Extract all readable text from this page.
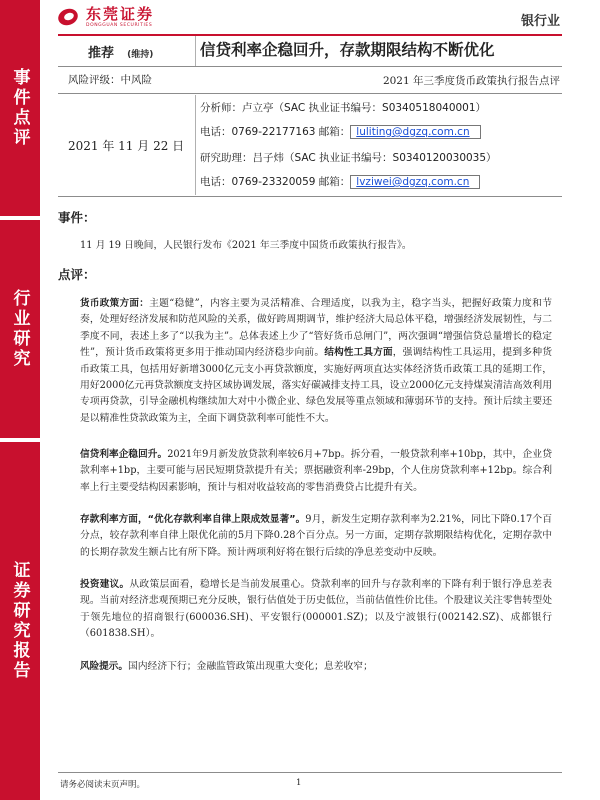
东莞证券
DONGGUAN SECURITIES	银行业
事件点评
行业研究
证券研究报告
推荐 (维持)	信贷利率企稳回升，存款期限结构不断优化
风险评级：中风险	2021 年三季度货币政策执行报告点评
2021 年 11 月 22 日
分析师：卢立亭（SAC 执业证书编号：S0340518040001）
电话：0769-22177163 邮箱： luliting@dgzq.com.cn
研究助理：吕子炜（SAC 执业证书编号：S0340120030035）
电话：0769-23320059 邮箱： lvziwei@dgzq.com.cn
事件：
11 月 19 日晚间，人民银行发布《2021 年三季度中国货币政策执行报告》。
点评：
货币政策方面：主题“稳健”，内容主要为灵活精准、合理适度，以我为主，稳字当头，把握好政策力度和节奏，处理好经济发展和防范风险的关系，做好跨周期调节，维护经济大局总体平稳，增强经济发展韧性，与二季度不同，表述上多了“以我为主”。总体表述上少了“管好货币总闸门”，两次强调“增强信贷总量增长的稳定性”，预计货币政策将更多用于推动国内经济稳步向前。结构性工具方面，强调结构性工具运用，提到多种货币政策工具，包括用好新增3000亿元支小再贷款额度，实施好两项直达实体经济货币政策工具的延期工作，用好2000亿元再贷款额度支持区域协调发展，落实好碳减排支持工具，设立2000亿元支持煤炭清洁高效利用专项再贷款，引导金融机构继续加大对中小微企业、绿色发展等重点领域和薄弱环节的支持。预计后续主要还是以精准性贷款政策为主，全面下调贷款利率可能性不大。
信贷利率企稳回升。2021年9月新发放贷款利率较6月+7bp。拆分看，一般贷款利率+10bp，其中，企业贷款利率+1bp，主要可能与居民短期贷款提升有关；票据融资利率-29bp，个人住房贷款利率+12bp。综合利率上行主要受结构因素影响，预计与相对收益较高的零售消费贷占比提升有关。
存款利率方面，“优化存款利率自律上限成效显著”。9月，新发生定期存款利率为2.21%，同比下降0.17个百分点，较存款利率自律上限优化前的5月下降0.28个百分点。另一方面，定期存款期限结构优化，定期存款中的长期存款发生额占比有所下降。预计两项利好将在银行后续的净息差变动中反映。
投资建议。从政策层面看，稳增长是当前发展重心。贷款利率的回升与存款利率的下降有利于银行净息差表现。当前对经济悲观预期已充分反映，银行估值处于历史低位，当前估值性价比佳。个股建议关注零售转型处于领先地位的招商银行(600036.SH)、平安银行(000001.SZ)；以及宁波银行(002142.SZ)、成都银行（601838.SH）。
风险提示。国内经济下行；金融监管政策出现重大变化；息差收窄；
请务必阅读末页声明。	1
